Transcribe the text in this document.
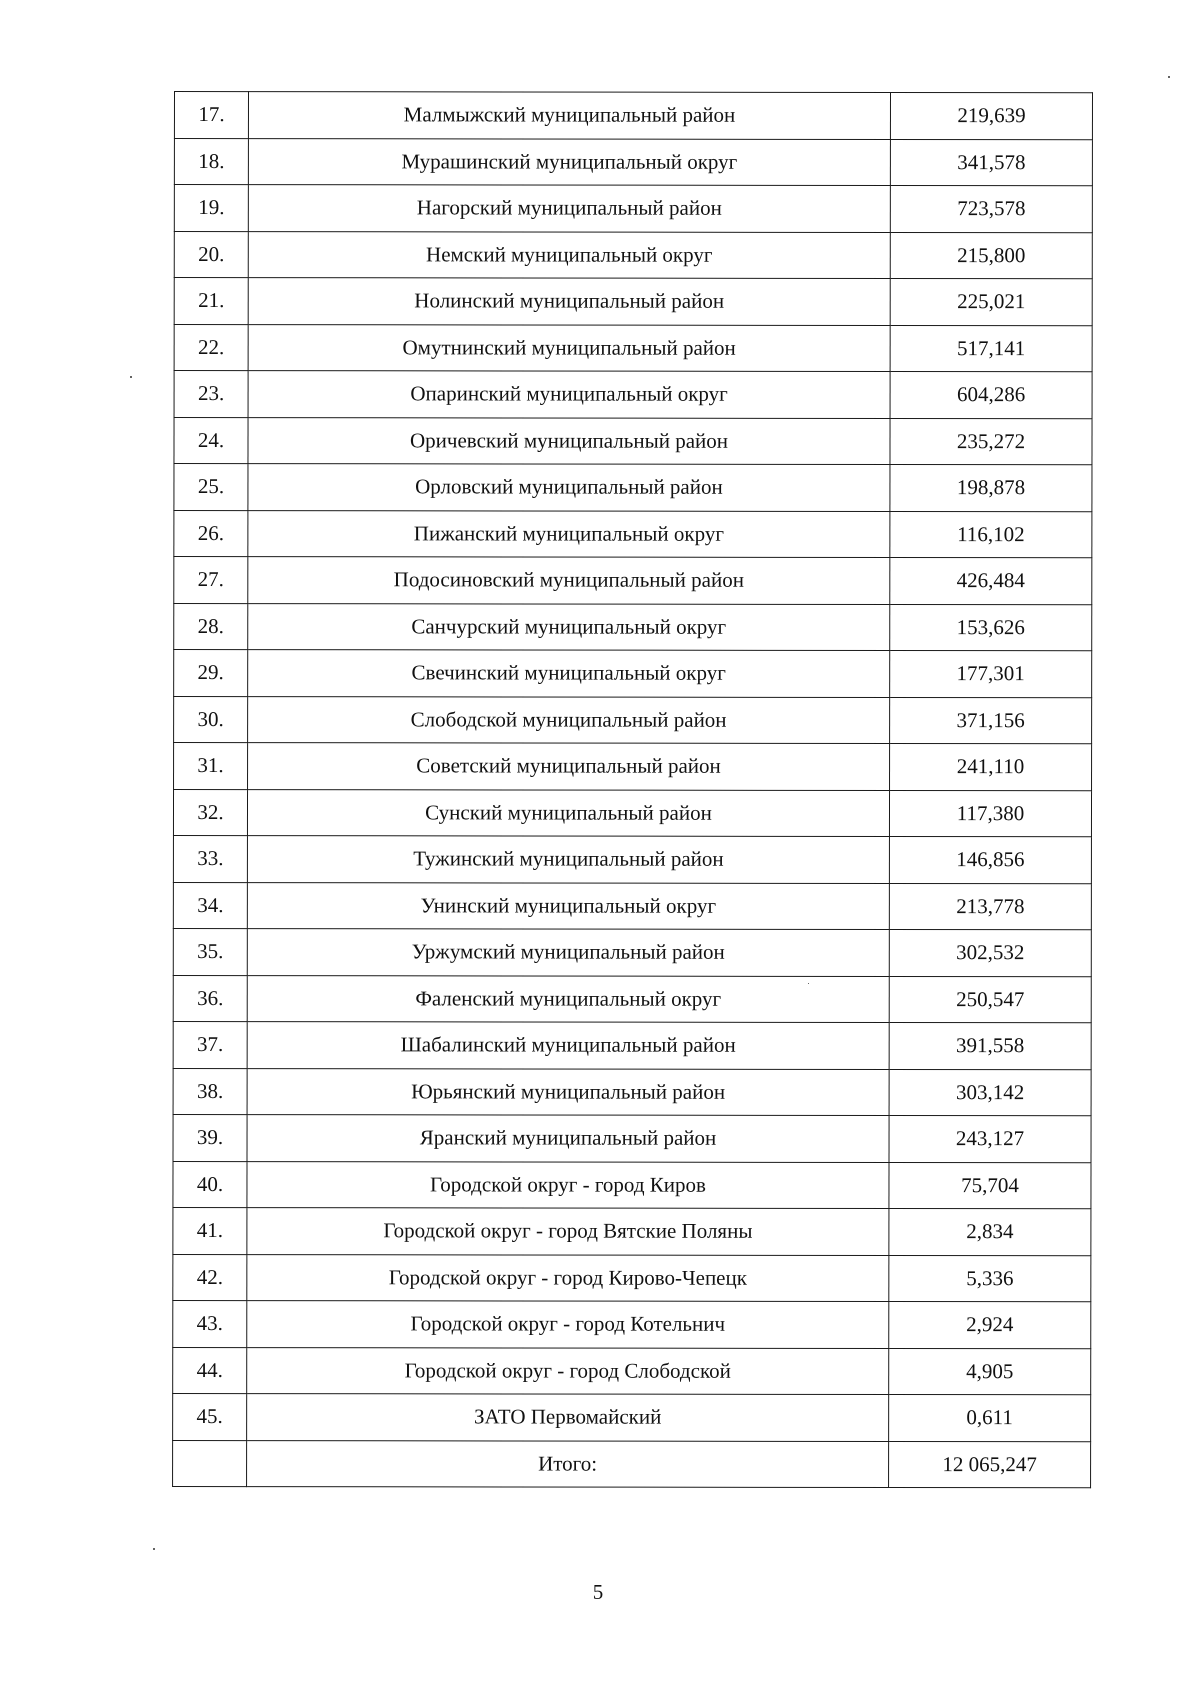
17.	Малмыжский муниципальный район	219,639
18.	Мурашинский муниципальный округ	341,578
19.	Нагорский муниципальный район	723,578
20.	Немский муниципальный округ	215,800
21.	Нолинский муниципальный район	225,021
22.	Омутнинский муниципальный район	517,141
23.	Опаринский муниципальный округ	604,286
24.	Оричевский муниципальный район	235,272
25.	Орловский муниципальный район	198,878
26.	Пижанский муниципальный округ	116,102
27.	Подосиновский муниципальный район	426,484
28.	Санчурский муниципальный округ	153,626
29.	Свечинский муниципальный округ	177,301
30.	Слободской муниципальный район	371,156
31.	Советский муниципальный район	241,110
32.	Сунский муниципальный район	117,380
33.	Тужинский муниципальный район	146,856
34.	Унинский муниципальный округ	213,778
35.	Уржумский муниципальный район	302,532
36.	Фаленский муниципальный округ	250,547
37.	Шабалинский муниципальный район	391,558
38.	Юрьянский муниципальный район	303,142
39.	Яранский муниципальный район	243,127
40.	Городской округ - город Киров	75,704
41.	Городской округ - город Вятские Поляны	2,834
42.	Городской округ - город Кирово-Чепецк	5,336
43.	Городской округ - город Котельнич	2,924
44.	Городской округ - город Слободской	4,905
45.	ЗАТО Первомайский	0,611
	Итого:	12 065,247
5
